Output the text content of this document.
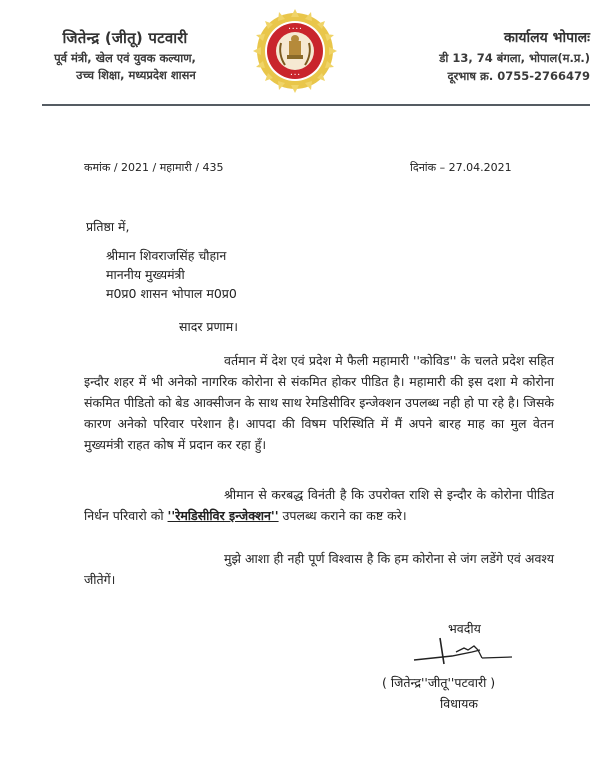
जितेन्द्र (जीतू) पटवारी
पूर्व मंत्री, खेल एवं युवक कल्याण,
उच्च शिक्षा, मध्यप्रदेश शासन
• • • •
• • •
कार्यालय भोपालः
डी 13, 74 बंगला, भोपाल(म.प्र.)
दूरभाष क्र. 0755-2766479
कमांक / 2021 / महामारी / 435	दिनांक – 27.04.2021
प्रतिष्ठा में,
श्रीमान शिवराजसिंह चौहान
माननीय मुख्यमंत्री
म0प्र0 शासन भोपाल म0प्र0
सादर प्रणाम।
वर्तमान में देश एवं प्रदेश मे फैली महामारी ''कोविड'' के चलते प्रदेश सहित इन्दौर शहर में भी अनेको नागरिक कोरोना से संकमित होकर पीडित है। महामारी की इस दशा मे कोरोना संकमित पीडितो को बेड आक्सीजन के साथ साथ रेमडिसीविर इन्जेक्शन उपलब्ध नही हो पा रहे है। जिसके कारण अनेको परिवार परेशान है। आपदा की विषम परिस्थिति में मैं अपने बारह माह का मुल वेतन मुख्यमंत्री राहत कोष में प्रदान कर रहा हुँ।
श्रीमान से करबद्ध विनंती है कि उपरोक्त राशि से इन्दौर के कोरोना पीडित निर्धन परिवारो को ''रेमडिसीविर इन्जेक्शन'' उपलब्ध कराने का कष्ट करे।
मुझे आशा ही नही पूर्ण विश्वास है कि हम कोरोना से जंग लडेंगे एवं अवश्य जीतेगें।
भवदीय
( जितेन्द्र''जीतू''पटवारी )
विधायक
